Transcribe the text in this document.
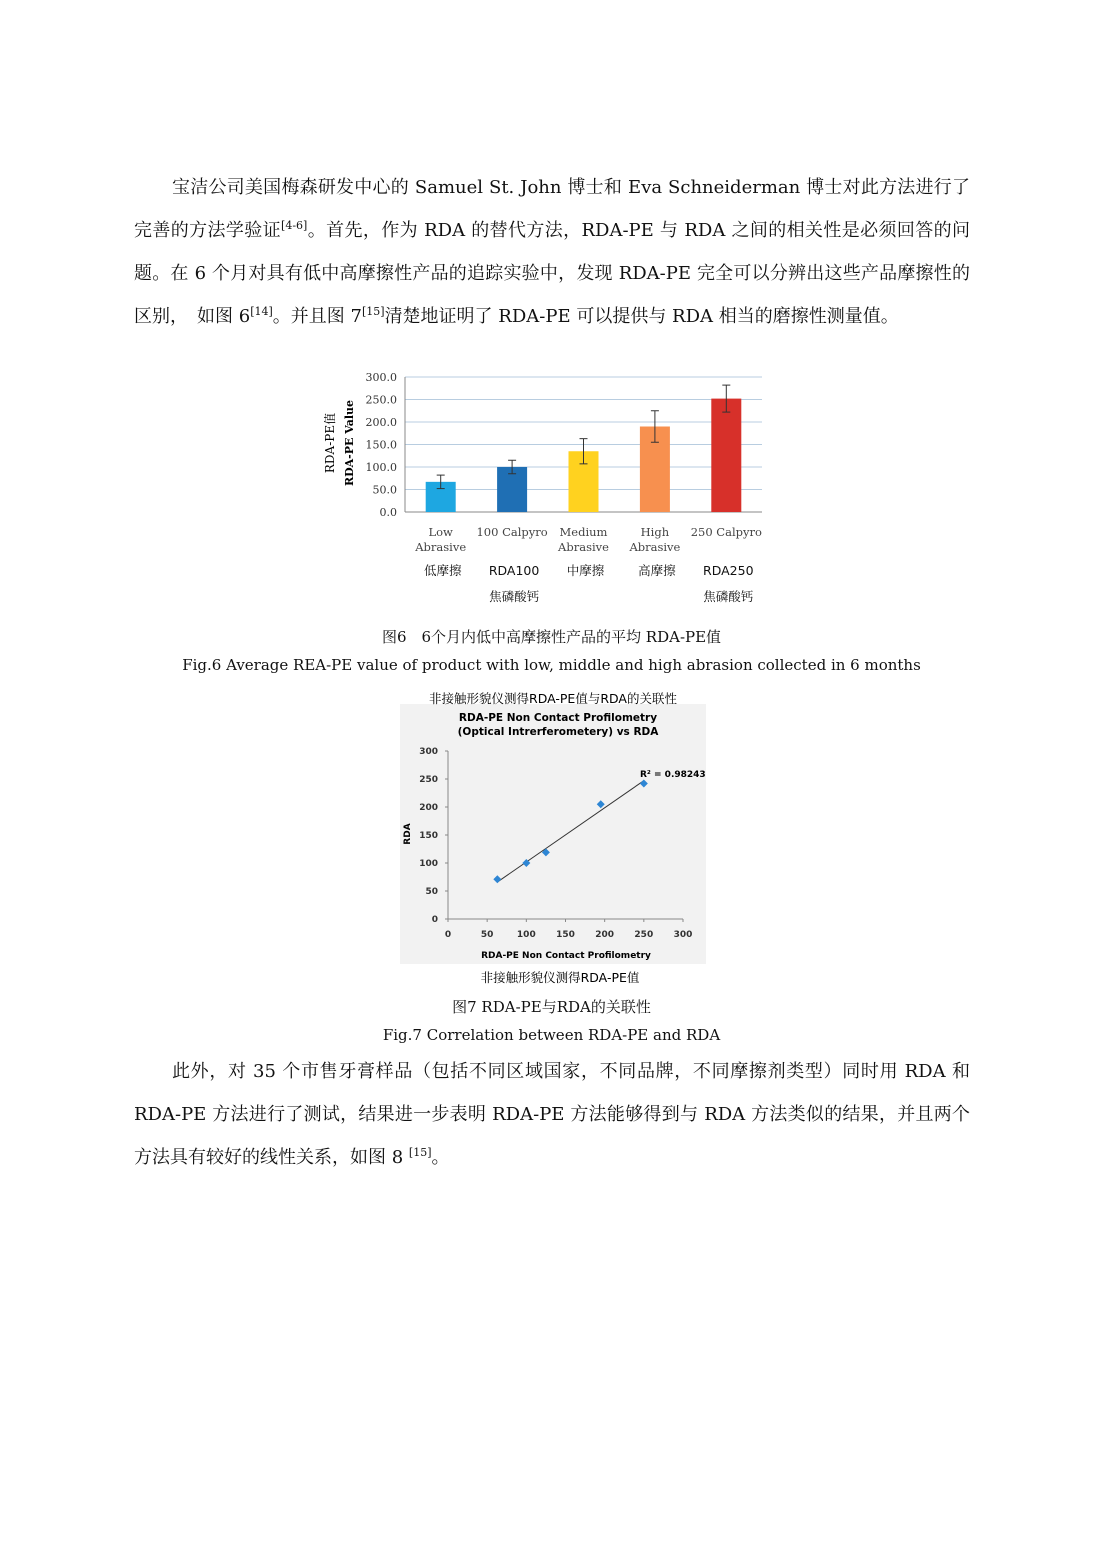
宝洁公司美国梅森研发中心的 Samuel St. John 博士和 Eva Schneiderman 博士对此方法进行了完善的方法学验证[4-6]。首先，作为 RDA 的替代方法，RDA-PE 与 RDA 之间的相关性是必须回答的问题。在 6 个月对具有低中高摩擦性产品的追踪实验中，发现 RDA-PE 完全可以分辨出这些产品摩擦性的区别，　如图 6[14]。并且图 7[15]清楚地证明了 RDA-PE 可以提供与 RDA 相当的磨擦性测量值。

300.0
250.0
200.0
150.0
100.0
50.0
0.0
Low
Abrasive
低摩擦
100 Calpyro
RDA100
焦磷酸钙
Medium
Abrasive
中摩擦
High
Abrasive
高摩擦
250 Calpyro
RDA250
焦磷酸钙
RDA-PE值 RDA-PE Value

图6　6个月内低中高摩擦性产品的平均 RDA-PE值

Fig.6 Average REA-PE value of product with low, middle and high abrasion collected in 6 months

非接触形貌仪测得RDA-PE值与RDA的关联性
RDA-PE Non Contact Profilometry
(Optical Intrerferometery) vs RDA
300
250
200
150
100
50
0
0	50	100 150 200 250 300
R² = 0.98243
RDA
RDA-PE Non Contact Profilometry
非接触形貌仪测得RDA-PE值

图7 RDA-PE与RDA的关联性

Fig.7 Correlation between RDA-PE and RDA

此外，对 35 个市售牙膏样品（包括不同区域国家，不同品牌，不同摩擦剂类型）同时用 RDA 和 RDA-PE 方法进行了测试，结果进一步表明 RDA-PE 方法能够得到与 RDA 方法类似的结果，并且两个方法具有较好的线性关系，如图 8 [15]。
